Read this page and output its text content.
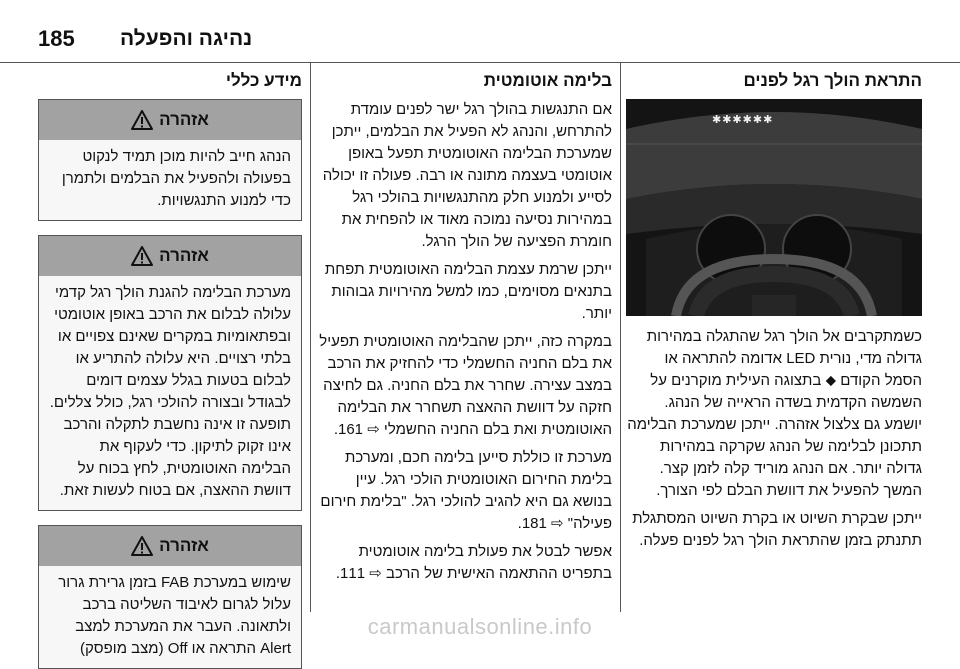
185 נהיגה והפעלה
התראת הולך רגל לפנים
✱✱✱✱✱✱

כשמתקרבים אל הולך רגל שהתגלה במהירות גדולה מדי, נורית LED אדומה להתראה או הסמל הקודם ⬥ בתצוגה העילית מוקרנים על השמשה הקדמית בשדה הראייה של הנהג. יושמע גם צלצול אזהרה. ייתכן שמערכת הבלימה תתכונן לבלימה של הנהג שקרקה במהירות גדולה יותר. אם הנהג מוריד קלה לזמן קצר. המשך להפעיל את דוושת הבלם לפי הצורך.

ייתכן שבקרת השיוט או בקרת השיוט המסתגלת תתנתק בזמן שהתראת הולך רגל לפנים פעלה.

בלימה אוטומטית

אם התנגשות בהולך רגל ישר לפנים עומדת להתרחש, והנהג לא הפעיל את הבלמים, ייתכן שמערכת הבלימה האוטומטית תפעל באופן אוטומטי בעצמה מתונה או רבה. פעולה זו יכולה לסייע ולמנוע חלק מהתנגשויות בהולכי רגל במהירות נסיעה נמוכה מאוד או להפחית את חומרת הפציעה של הולך הרגל.

ייתכן שרמת עצמת הבלימה האוטומטית תפחת בתנאים מסוימים, כמו למשל מהירויות גבוהות יותר.

במקרה כזה, ייתכן שהבלימה האוטומטית תפעיל את בלם החניה החשמלי כדי להחזיק את הרכב במצב עצירה. שחרר את בלם החניה. גם לחיצה חזקה על דוושת ההאצה תשחרר את הבלימה האוטומטית ואת בלם החניה החשמלי ⇨ 161.

מערכת זו כוללת סייען בלימה חכם, ומערכת בלימת החירום האוטומטית הולכי רגל. עיין בנושא גם היא להגיב להולכי רגל. "בלימת חירום פעילה" ⇨ 181.

אפשר לבטל את פעולת בלימה אוטומטית בתפריט ההתאמה האישית של הרכב ⇨ 111.

מידע כללי
אזהרה

הנהג חייב להיות מוכן תמיד לנקוט בפעולה ולהפעיל את הבלמים ולתמרן כדי למנוע התנגשויות.

אזהרה

מערכת הבלימה להגנת הולך רגל קדמי עלולה לבלום את הרכב באופן אוטומטי ובפתאומיות במקרים שאינם צפויים או בלתי רצויים. היא עלולה להתריע או לבלום בטעות בגלל עצמים דומים לבגודל ובצורה להולכי רגל, כולל צללים. תופעה זו אינה נחשבת לתקלה והרכב אינו זקוק לתיקון. כדי לעקוף את הבלימה האוטומטית, לחץ בכוח על דוושת ההאצה, אם בטוח לעשות זאת.

אזהרה

שימוש במערכת FAB בזמן גרירת גרור עלול לגרום לאיבוד השליטה ברכב ולתאונה. העבר את המערכת למצב Alert התראה או Off (מצב מופסק)

carmanualsonline.info
